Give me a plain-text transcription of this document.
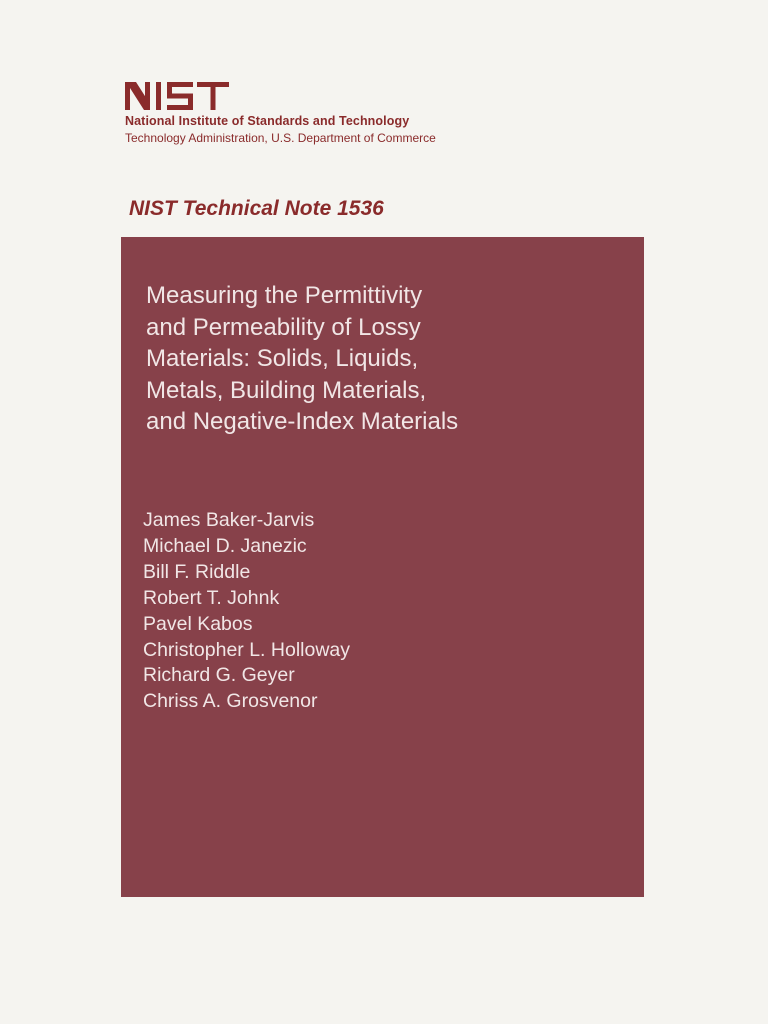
National Institute of Standards and Technology
Technology Administration, U.S. Department of Commerce
NIST Technical Note 1536
Measuring the Permittivity
and Permeability of Lossy
Materials: Solids, Liquids,
Metals, Building Materials,
and Negative-Index Materials
James Baker-Jarvis
Michael D. Janezic
Bill F. Riddle
Robert T. Johnk
Pavel Kabos
Christopher L. Holloway
Richard G. Geyer
Chriss A. Grosvenor
